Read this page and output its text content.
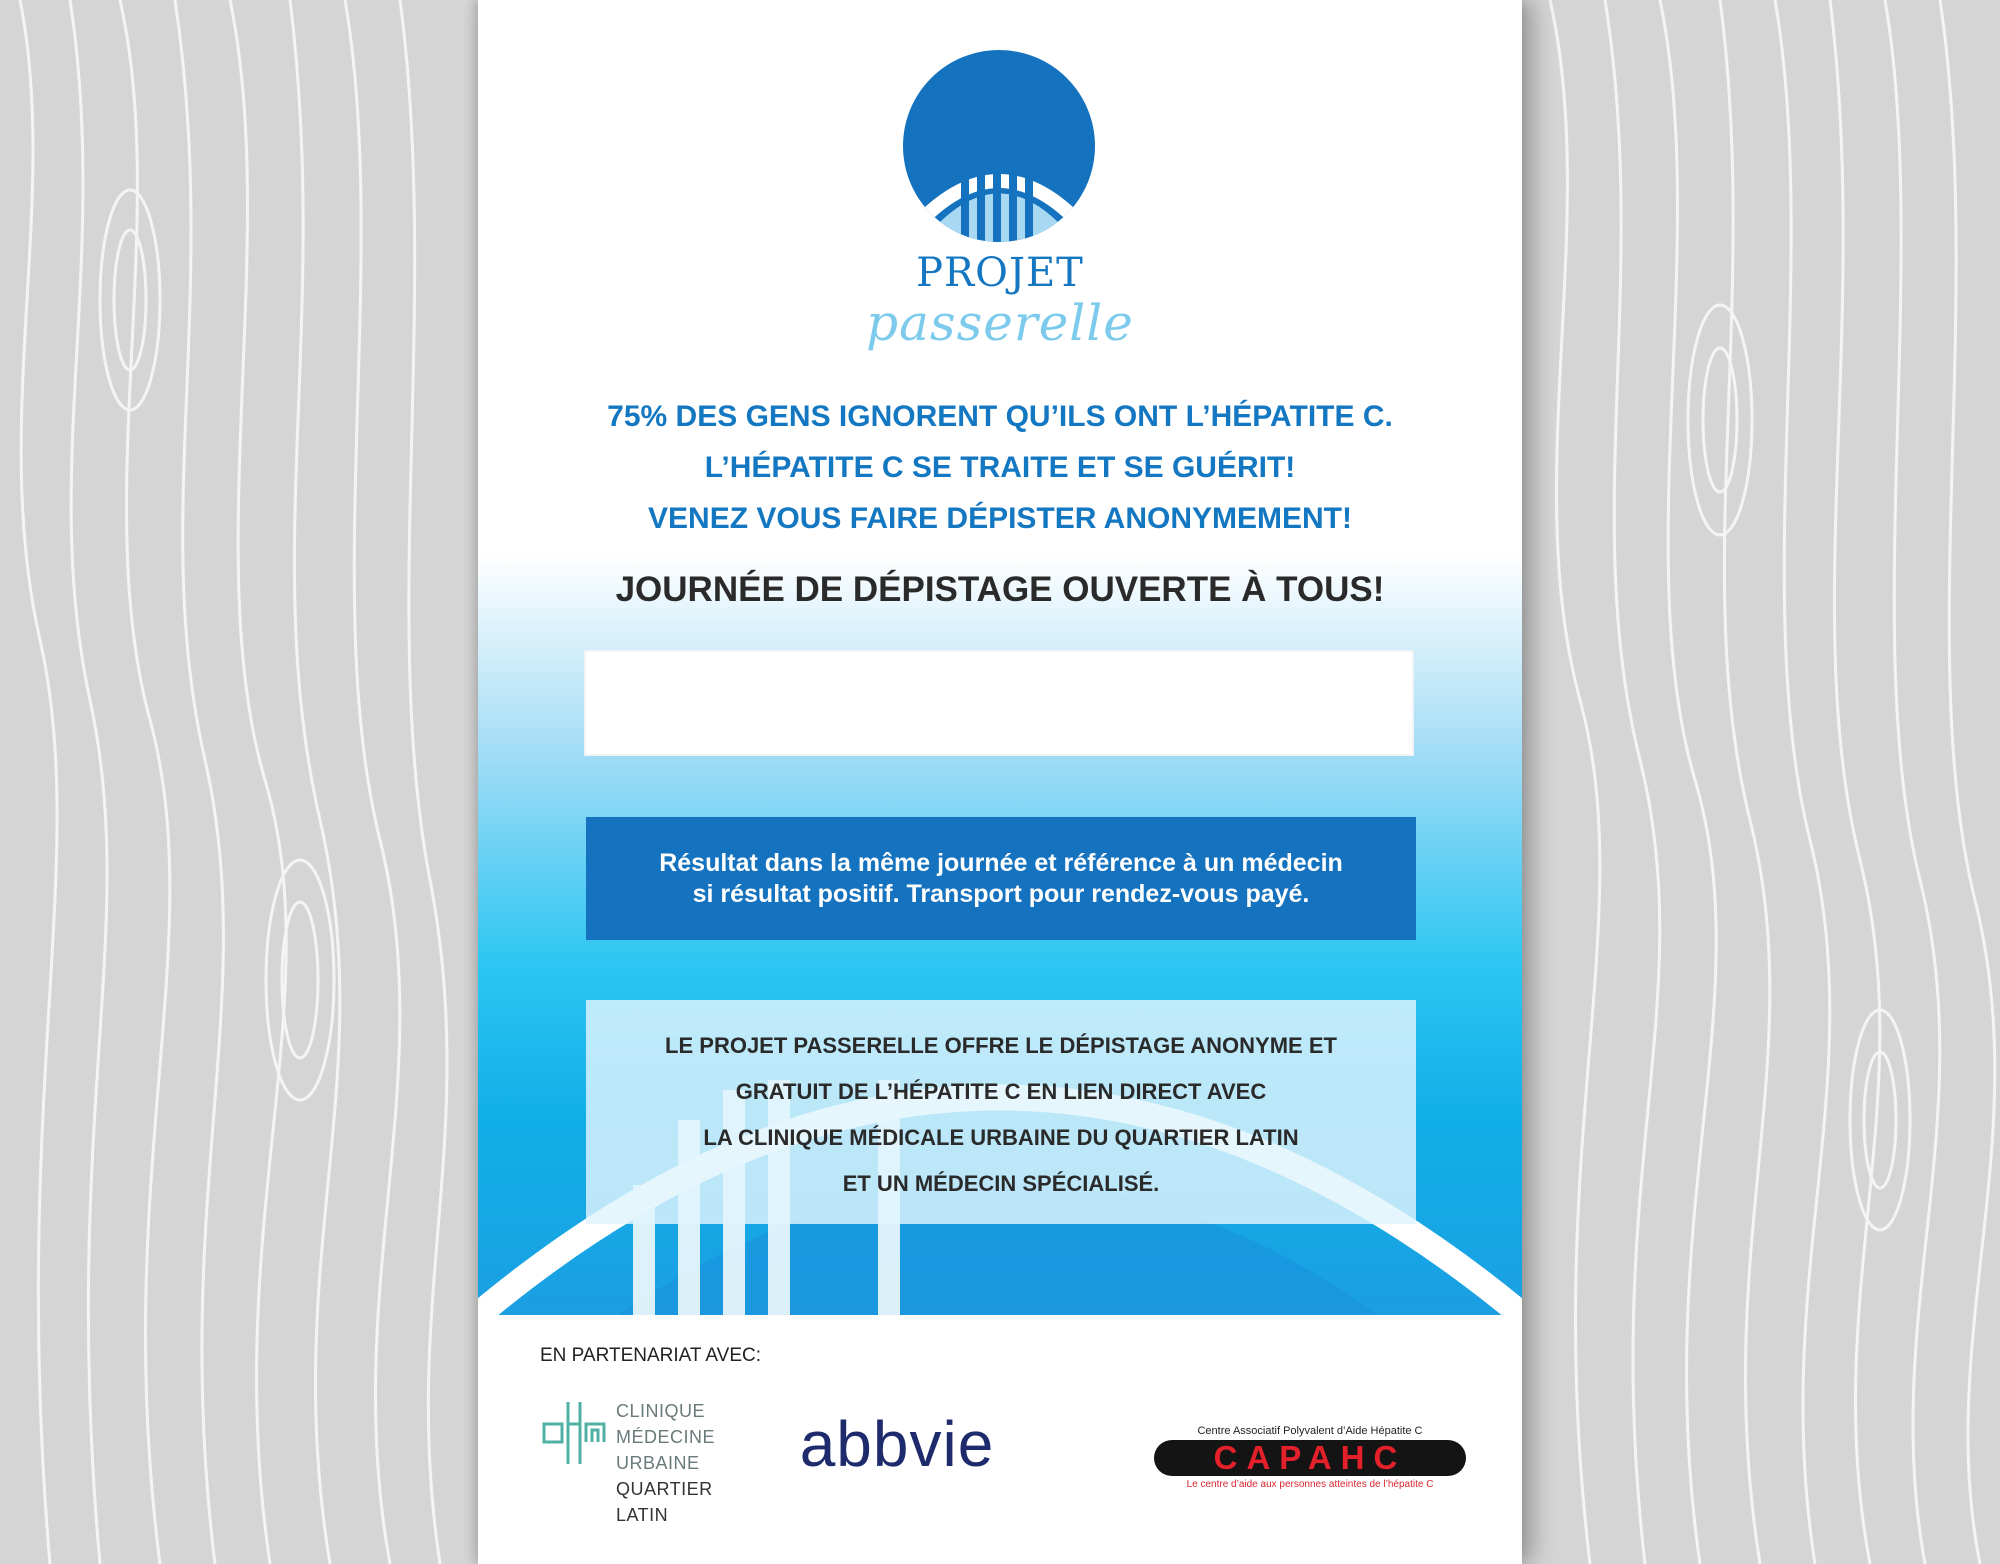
PROJET
passerelle
75% DES GENS IGNORENT QU’ILS ONT L’HÉPATITE C.
L’HÉPATITE C SE TRAITE ET SE GUÉRIT!
VENEZ VOUS FAIRE DÉPISTER ANONYMEMENT!
JOURNÉE DE DÉPISTAGE OUVERTE À TOUS!
Résultat dans la même journée et référence à un médecin
si résultat positif. Transport pour rendez-vous payé.
LE PROJET PASSERELLE OFFRE LE DÉPISTAGE ANONYME ET
GRATUIT DE L’HÉPATITE C EN LIEN DIRECT AVEC
LA CLINIQUE MÉDICALE URBAINE DU QUARTIER LATIN
ET UN MÉDECIN SPÉCIALISÉ.
EN PARTENARIAT AVEC:
CLINIQUE
MÉDECINE
URBAINE
QUARTIER
LATIN
abbvie	Centre Associatif Polyvalent d’Aide Hépatite C
CAPAHC
Le centre d’aide aux personnes atteintes de l’hépatite C
